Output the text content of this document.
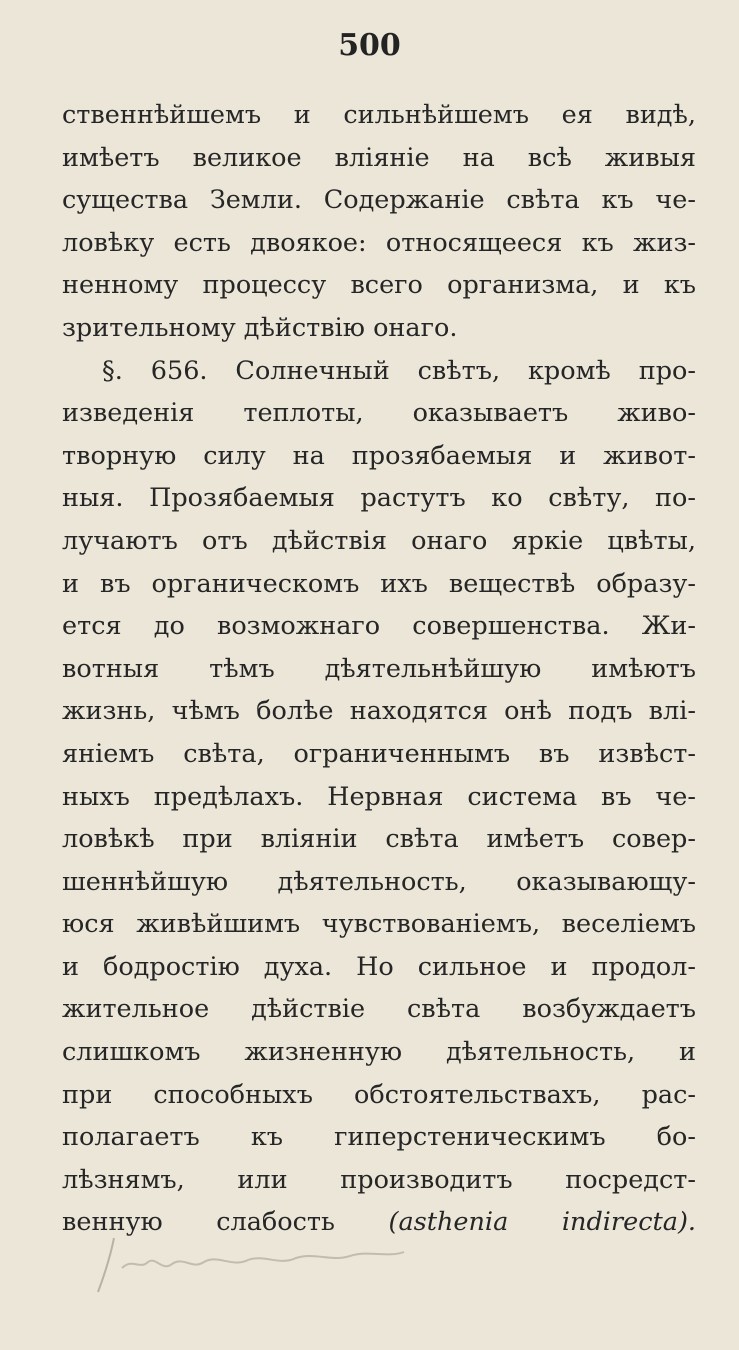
500
ственнѣйшемъ и сильнѣйшемъ ея видѣ,
имѣетъ великое вліяніе на всѣ живыя
существа Земли. Содержаніе свѣта къ че-
ловѣку есть двоякое: относящееся къ жиз-
ненному процессу всего организма, и къ
зрительному дѣйствію онаго.
§. 656. Солнечный свѣтъ, кромѣ про-
изведенія теплоты, оказываетъ живо-
творную силу на прозябаемыя и живот-
ныя. Прозябаемыя растутъ ко свѣту, по-
лучаютъ отъ дѣйствія онаго яркіе цвѣты,
и въ органическомъ ихъ веществѣ образу-
ется до возможнаго совершенства. Жи-
вотныя тѣмъ дѣятельнѣйшую имѣютъ
жизнь, чѣмъ болѣе находятся онѣ подъ влі-
яніемъ свѣта, ограниченнымъ въ извѣст-
ныхъ предѣлахъ. Нервная система въ че-
ловѣкѣ при вліяніи свѣта имѣетъ совер-
шеннѣйшую дѣятельность, оказывающу-
юся живѣйшимъ чувствованіемъ, веселіемъ
и бодростію духа. Но сильное и продол-
жительное дѣйствіе свѣта возбуждаетъ
слишкомъ жизненную дѣятельность, и
при способныхъ обстоятельствахъ, рас-
полагаетъ къ гиперстеническимъ бо-
лѣзнямъ, или производитъ посредст-
венную слабость (asthenia indirecta).
